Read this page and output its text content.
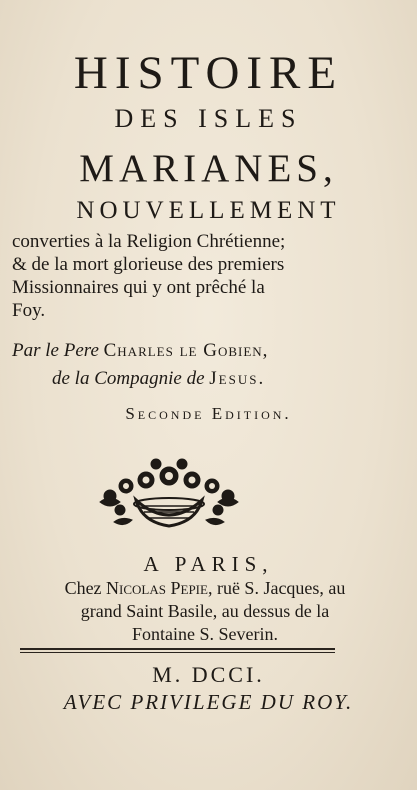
HISTOIRE
DES ISLES
MARIANES,
NOUVELLEMENT
converties à la Religion Chrétienne;
& de la mort glorieuse des premiers
Missionnaires qui y ont prêché la
Foy.
Par le Pere Charles le Gobien,
de la Compagnie de Jesus.
Seconde Edition.
A PARIS,
Chez Nicolas Pepie, ruë S. Jacques, au
grand Saint Basile, au dessus de la
Fontaine S. Severin.
M. DCCI.
AVEC PRIVILEGE DU ROY.
